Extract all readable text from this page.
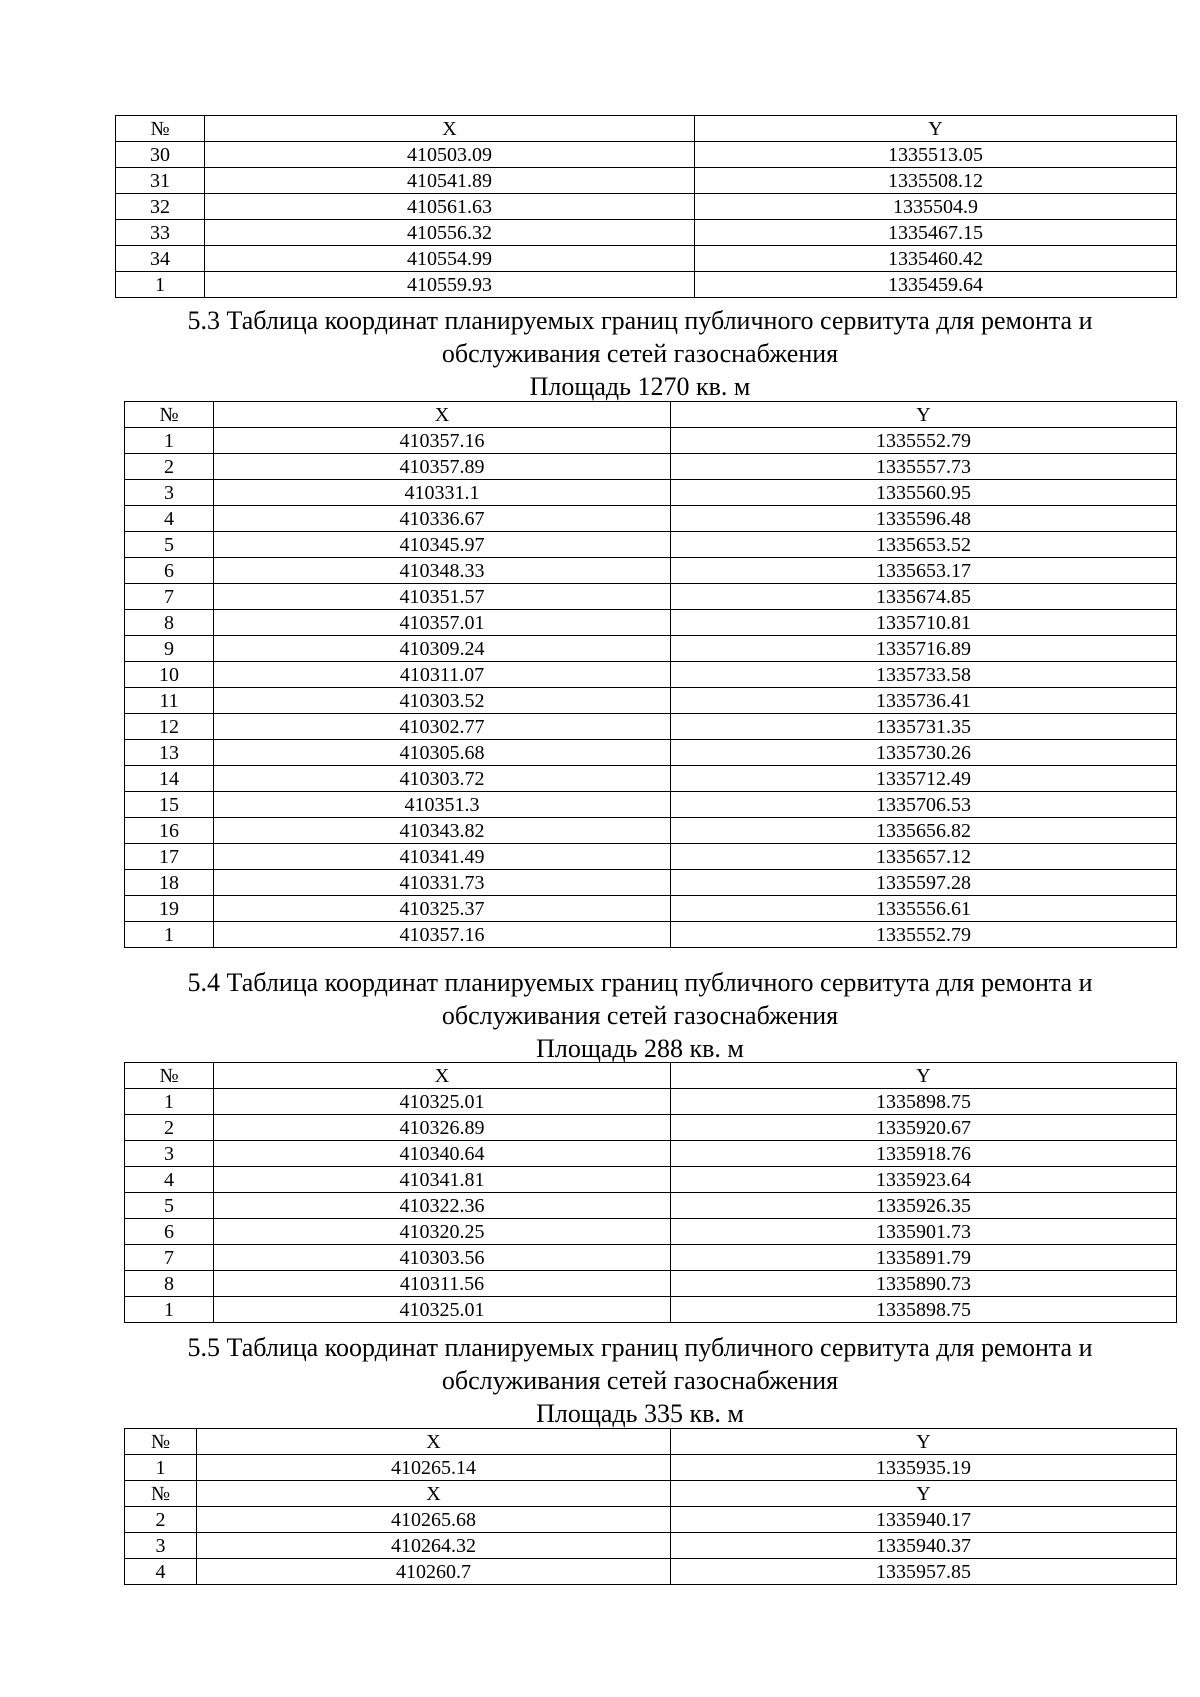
№	X	Y
30	410503.09	1335513.05
31	410541.89	1335508.12
32	410561.63	1335504.9
33	410556.32	1335467.15
34	410554.99	1335460.42
1	410559.93	1335459.64
5.3 Таблица координат планируемых границ публичного сервитута для ремонта и
обслуживания сетей газоснабжения
Площадь 1270 кв. м
№	X	Y
1	410357.16	1335552.79
2	410357.89	1335557.73
3	410331.1	1335560.95
4	410336.67	1335596.48
5	410345.97	1335653.52
6	410348.33	1335653.17
7	410351.57	1335674.85
8	410357.01	1335710.81
9	410309.24	1335716.89
10	410311.07	1335733.58
11	410303.52	1335736.41
12	410302.77	1335731.35
13	410305.68	1335730.26
14	410303.72	1335712.49
15	410351.3	1335706.53
16	410343.82	1335656.82
17	410341.49	1335657.12
18	410331.73	1335597.28
19	410325.37	1335556.61
1	410357.16	1335552.79
5.4 Таблица координат планируемых границ публичного сервитута для ремонта и
обслуживания сетей газоснабжения
Площадь 288 кв. м
№	X	Y
1	410325.01	1335898.75
2	410326.89	1335920.67
3	410340.64	1335918.76
4	410341.81	1335923.64
5	410322.36	1335926.35
6	410320.25	1335901.73
7	410303.56	1335891.79
8	410311.56	1335890.73
1	410325.01	1335898.75
5.5 Таблица координат планируемых границ публичного сервитута для ремонта и
обслуживания сетей газоснабжения
Площадь 335 кв. м
№	X	Y
1	410265.14	1335935.19
№	X	Y
2	410265.68	1335940.17
3	410264.32	1335940.37
4	410260.7	1335957.85
